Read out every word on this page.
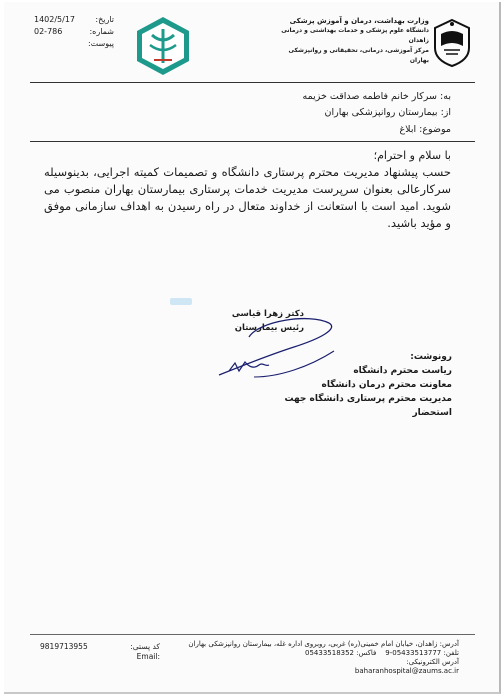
وزارت بهداشت، درمان و آموزش پزشکی
دانشگاه علوم پزشکی و خدمات بهداشتی و درمانی زاهدان
مرکز آموزشی، درمانی، تحقیقاتی و روانپزشکی بهاران
1402/5/17	تاریخ:
02-786	شماره:
پیوست:
به: سرکار خانم فاطمه صداقت خزیمه
از: بیمارستان روانپزشکی بهاران
موضوع: ابلاغ
با سلام و احترام؛
حسب پیشنهاد مدیریت محترم پرستاری دانشگاه و تصمیمات کمیته اجرایی، بدینوسیله سرکارعالی بعنوان سرپرست مدیریت خدمات پرستاری بیمارستان بهاران منصوب می شوید. امید است با استعانت از خداوند متعال در راه رسیدن به اهداف سازمانی موفق و مؤید باشید.
دکتر زهرا قیاسی
رئیس بیمارستان
رونوشت:
ریاست محترم دانشگاه
معاونت محترم درمان دانشگاه
مدیریت محترم پرستاری دانشگاه جهت استحضار
آدرس: زاهدان، خیابان امام خمینی(ره) غربی، روبروی اداره غله، بیمارستان روانپزشکی بهاران
تلفن: 05433513777-9    فاکس: 05433518352
آدرس الکترونیکی:
baharanhospital@zaums.ac.ir
9819713955	کد پستی:
Email:
